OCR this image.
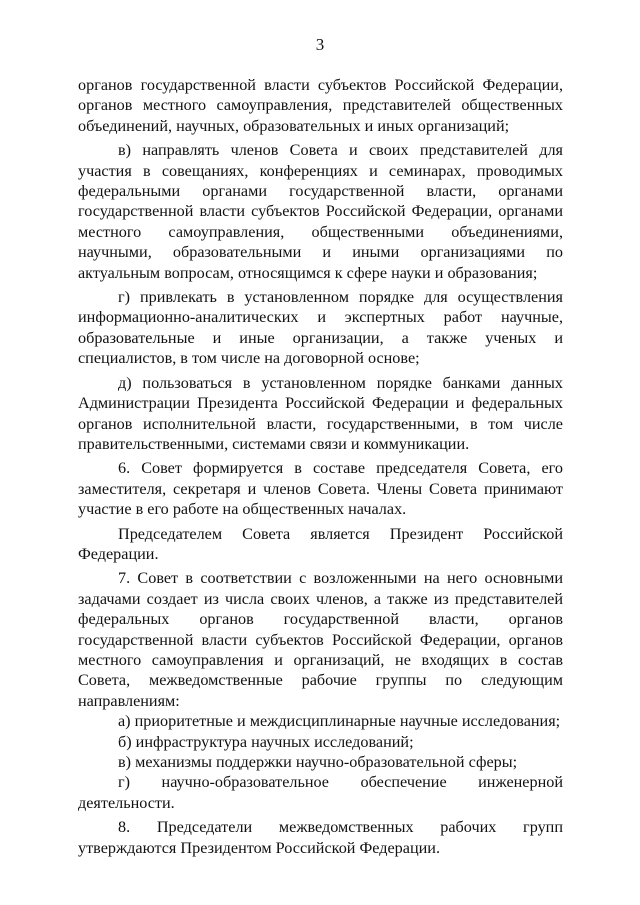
3

органов государственной власти субъектов Российской Федерации, органов местного самоуправления, представителей общественных объединений, научных, образовательных и иных организаций;

в) направлять членов Совета и своих представителей для участия в совещаниях, конференциях и семинарах, проводимых федеральными органами государственной власти, органами государственной власти субъектов Российской Федерации, органами местного самоуправления, общественными объединениями, научными, образовательными и иными организациями по актуальным вопросам, относящимся к сфере науки и образования;

г) привлекать в установленном порядке для осуществления информационно-аналитических и экспертных работ научные, образовательные и иные организации, а также ученых и специалистов, в том числе на договорной основе;

д) пользоваться в установленном порядке банками данных Администрации Президента Российской Федерации и федеральных органов исполнительной власти, государственными, в том числе правительственными, системами связи и коммуникации.

6. Совет формируется в составе председателя Совета, его заместителя, секретаря и членов Совета. Члены Совета принимают участие в его работе на общественных началах.

Председателем Совета является Президент Российской Федерации.

7. Совет в соответствии с возложенными на него основными задачами создает из числа своих членов, а также из представителей федеральных органов государственной власти, органов государственной власти субъектов Российской Федерации, органов местного самоуправления и организаций, не входящих в состав Совета, межведомственные рабочие группы по следующим направлениям:

а) приоритетные и междисциплинарные научные исследования;

б) инфраструктура научных исследований;

в) механизмы поддержки научно-образовательной сферы;

г) научно-образовательное обеспечение инженерной деятельности.

8. Председатели межведомственных рабочих групп утверждаются Президентом Российской Федерации.
